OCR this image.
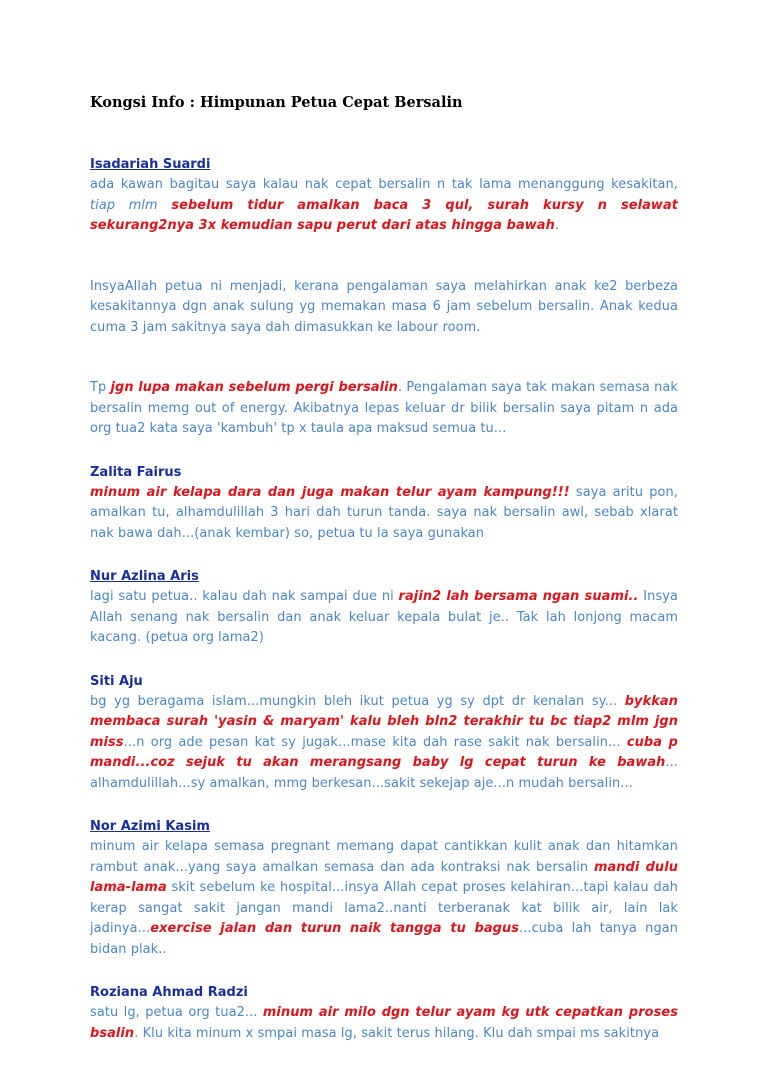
Kongsi Info : Himpunan Petua Cepat Bersalin
Isadariah Suardi

ada kawan bagitau saya kalau nak cepat bersalin n tak lama menanggung kesakitan, tiap mlm sebelum tidur amalkan baca 3 qul, surah kursy n selawat sekurang2nya 3x kemudian sapu perut dari atas hingga bawah.

InsyaAllah petua ni menjadi, kerana pengalaman saya melahirkan anak ke2 berbeza kesakitannya dgn anak sulung yg memakan masa 6 jam sebelum bersalin. Anak kedua cuma 3 jam sakitnya saya dah dimasukkan ke labour room.

Tp jgn lupa makan sebelum pergi bersalin. Pengalaman saya tak makan semasa nak bersalin memg out of energy. Akibatnya lepas keluar dr bilik bersalin saya pitam n ada org tua2 kata saya 'kambuh' tp x taula apa maksud semua tu...

Zalita Fairus

minum air kelapa dara dan juga makan telur ayam kampung!!! saya aritu pon, amalkan tu, alhamdulillah 3 hari dah turun tanda. saya nak bersalin awl, sebab xlarat nak bawa dah...(anak kembar) so, petua tu la saya gunakan

Nur Azlina Aris

lagi satu petua.. kalau dah nak sampai due ni rajin2 lah bersama ngan suami.. Insya Allah senang nak bersalin dan anak keluar kepala bulat je.. Tak lah lonjong macam kacang. (petua org lama2)

Siti Aju

bg yg beragama islam...mungkin bleh ikut petua yg sy dpt dr kenalan sy... bykkan membaca surah 'yasin & maryam' kalu bleh bln2 terakhir tu bc tiap2 mlm jgn miss...n org ade pesan kat sy jugak...mase kita dah rase sakit nak bersalin... cuba p mandi...coz sejuk tu akan merangsang baby lg cepat turun ke bawah... alhamdulillah...sy amalkan, mmg berkesan...sakit sekejap aje...n mudah bersalin...

Nor Azimi Kasim

minum air kelapa semasa pregnant memang dapat cantikkan kulit anak dan hitamkan rambut anak...yang saya amalkan semasa dan ada kontraksi nak bersalin mandi dulu lama-lama skit sebelum ke hospital...insya Allah cepat proses kelahiran...tapi kalau dah kerap sangat sakit jangan mandi lama2..nanti terberanak kat bilik air, lain lak jadinya...exercise jalan dan turun naik tangga tu bagus...cuba lah tanya ngan bidan plak..

Roziana Ahmad Radzi

satu lg, petua org tua2... minum air milo dgn telur ayam kg utk cepatkan proses bsalin. Klu kita minum x smpai masa lg, sakit terus hilang. Klu dah smpai ms sakitnya
